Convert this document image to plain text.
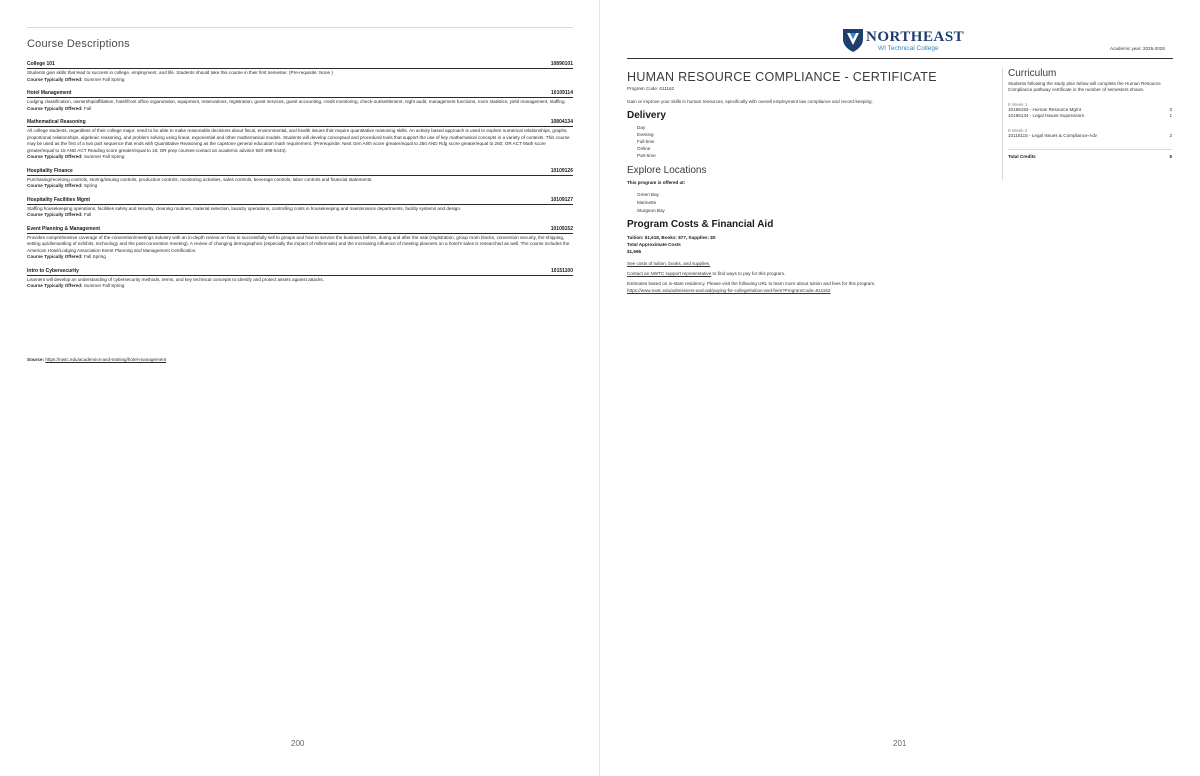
Course Descriptions
College 101	10890101
Students gain skills that lead to success in college, employment, and life. Students should take this course in their first semester. (Pre-requisite: None )
Course Typically Offered: Summer Fall Spring
Hotel Management	10109114
Lodging classification, ownership/affiliation, hotel/front office organization, equipment, reservations, registration, guest services, guest accounting, credit monitoring, check-out/settlement, night audit, management functions, room statistics, yield management, staffing.
Course Typically Offered: Fall
Mathematical Reasoning	10804134
All college students, regardless of their college major, need to be able to make reasonable decisions about fiscal, environmental, and health issues that require quantitative reasoning skills. An activity based approach is used to explore numerical relationships, graphs, proportional relationships, algebraic reasoning, and problem solving using linear, exponential and other mathematical models. Students will develop conceptual and procedural tools that support the use of key mathematical concepts in a variety of contexts. This course may be used as the first of a two part sequence that ends with Quantitative Reasoning as the capstone general education math requirement. (Prerequisite: Next Gen Arith score greater/equal to 250 AND Rdg score greater/equal to 250; OR ACT Math score greater/equal to 15 AND ACT Reading score greater/equal to 16; OR prep courses-contact an academic advisor 920-498-5444).
Course Typically Offered: Summer Fall Spring
Hospitality Finance	10109126
Purchasing/receiving controls, storing/issuing controls, production controls, monitoring activities, sales controls, beverage controls, labor controls and financial statements.
Course Typically Offered: Spring
Hospitality Facilities Mgmt	10109127
Staffing housekeeping operations, facilities safety and security, cleaning routines, material selection, laundry operations, controlling costs in housekeeping and maintenance departments, facility systems and design.
Course Typically Offered: Fall
Event Planning & Management	10109152
Provides comprehensive coverage of the convention/meetings industry with an in-depth review on how to successfully sell to groups and how to service the business before, during and after the sale (registration, group room blocks, convention security, the shipping, setting up/dismantling of exhibits, technology and the post-convention meeting). A review of changing demographics (especially the impact of millennials) and the increasing influence of meeting planners on a hotel's sales is researched as well. The course includes the American Hotel/Lodging Association Event Planning and Management Certification.
Course Typically Offered: Fall Spring
Intro to Cybersecurity	10151100
Learners will develop an understanding of cybersecurity methods, terms, and key technical concepts to identify and protect assets against attacks.
Course Typically Offered: Summer Fall Spring
Source: https://nwtc.edu/academics-and-training/hotel-management
200
NORTHEAST
WI Technical College	Academic year: 2025-2026
HUMAN RESOURCE COMPLIANCE - CERTIFICATE
Program Code: 611162
Gain or improve your skills in human resources, specifically with overall employment law compliance and record-keeping.
Delivery
Day
Evening
Full-time
Online
Part-time
Explore Locations
This program is offered at:
Green Bay
Marinette
Sturgeon Bay
Program Costs & Financial Aid
Tuition: $1,618, Books: $77, Supplies: $0
Total Approximate Costs
$1,695
See costs of tuition, books, and supplies.
Contact an NWTC support representative to find ways to pay for this program.
Estimates based on in-state residency. Please visit the following URL to learn more about tuition and fees for this program.
https://www.nwtc.edu/admissions-and-aid/paying-for-college/tuition-and-fees?ProgramCode=611162
Curriculum
Students following the study plan below will complete the Human Resource Compliance pathway certificate in the number of semesters shown.
8 Week 1
10196193 - Human Resource Mgmt	3
10196134 - Legal Issues-Supervisors	1
8 Week 2
10116115 - Legal Issues & Compliance-Adv	2
Total Credits	5
201
